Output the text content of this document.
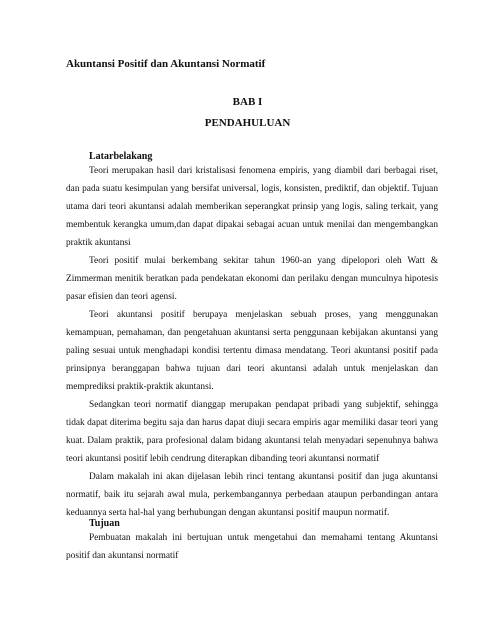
Akuntansi Positif dan Akuntansi Normatif
BAB I
PENDAHULUAN
Latarbelakang

Teori merupakan hasil dari kristalisasi fenomena empiris, yang diambil dari berbagai riset, dan pada suatu kesimpulan yang bersifat universal, logis, konsisten, prediktif, dan objektif. Tujuan utama dari teori akuntansi adalah memberikan seperangkat prinsip yang logis, saling terkait, yang membentuk kerangka umum,dan dapat dipakai sebagai acuan untuk menilai dan mengembangkan praktik akuntansi

Teori positif mulai berkembang sekitar tahun 1960-an yang dipelopori oleh Watt & Zimmerman menitik beratkan pada pendekatan ekonomi dan perilaku dengan munculnya hipotesis pasar efisien dan teori agensi.

Teori akuntansi positif berupaya menjelaskan sebuah proses, yang menggunakan kemampuan, pemahaman, dan pengetahuan akuntansi serta penggunaan kebijakan akuntansi yang paling sesuai untuk menghadapi kondisi tertentu dimasa mendatang. Teori akuntansi positif pada prinsipnya beranggapan bahwa tujuan dari teori akuntansi adalah untuk menjelaskan dan memprediksi praktik-praktik akuntansi.

Sedangkan teori normatif dianggap merupakan pendapat pribadi yang subjektif, sehingga tidak dapat diterima begitu saja dan harus dapat diuji secara empiris agar memiliki dasar teori yang kuat. Dalam praktik, para profesional dalam bidang akuntansi telah menyadari sepenuhnya bahwa teori akuntansi positif lebih cendrung diterapkan dibanding teori akuntansi normatif

Dalam makalah ini akan dijelasan lebih rinci tentang akuntansi positif dan juga akuntansi normatif, baik itu sejarah awal mula, perkembangannya perbedaan ataupun perbandingan antara keduannya serta hal-hal yang berhubungan dengan akuntansi positif maupun normatif.

Tujuan

Pembuatan makalah ini bertujuan untuk mengetahui dan memahami tentang Akuntansi positif dan akuntansi normatif
